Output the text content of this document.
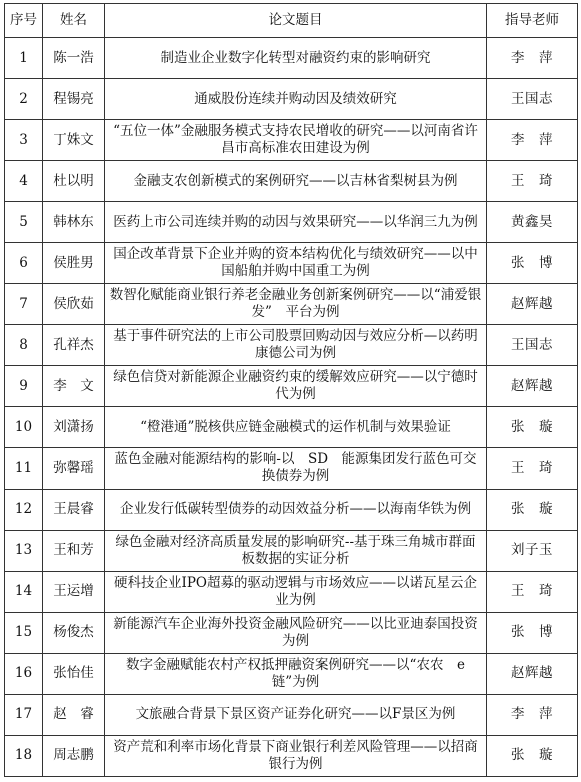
序号	姓名	论文题目	指导老师
1	陈一浩	制造业企业数字化转型对融资约束的影响研究	李　萍
2	程锡亮	通威股份连续并购动因及绩效研究	王国志
3	丁姝文	“五位一体”金融服务模式支持农民增收的研究——以河南省许昌市高标准农田建设为例	李　萍
4	杜以明	金融支农创新模式的案例研究——以吉林省梨树县为例	王　琦
5	韩林东	医药上市公司连续并购的动因与效果研究——以华润三九为例	黄鑫昊
6	侯胜男	国企改革背景下企业并购的资本结构优化与绩效研究——以中国船舶并购中国重工为例	张　博
7	侯欣茹	数智化赋能商业银行养老金融业务创新案例研究——以“浦爱银发”　平台为例	赵辉越
8	孔祥杰	基于事件研究法的上市公司股票回购动因与效应分析—以药明康德公司为例	王国志
9	李　文	绿色信贷对新能源企业融资约束的缓解效应研究——以宁德时代为例	赵辉越
10	刘潇扬	“橙港通”脱核供应链金融模式的运作机制与效果验证	张　璇
11	弥馨瑶	蓝色金融对能源结构的影响-以　SD　能源集团发行蓝色可交换债券为例	王　琦
12	王晨睿	企业发行低碳转型债券的动因效益分析——以海南华铁为例	张　璇
13	王和芳	绿色金融对经济高质量发展的影响研究--基于珠三角城市群面板数据的实证分析	刘子玉
14	王运增	硬科技企业IPO超募的驱动逻辑与市场效应——以诺瓦星云企业为例	王　琦
15	杨俊杰	新能源汽车企业海外投资金融风险研究——以比亚迪泰国投资为例	张　博
16	张怡佳	数字金融赋能农村产权抵押融资案例研究——以“农农　e　链”为例	赵辉越
17	赵　睿	文旅融合背景下景区资产证券化研究——以F景区为例	李　萍
18	周志鹏	资产荒和利率市场化背景下商业银行利差风险管理——以招商银行为例	张　璇
